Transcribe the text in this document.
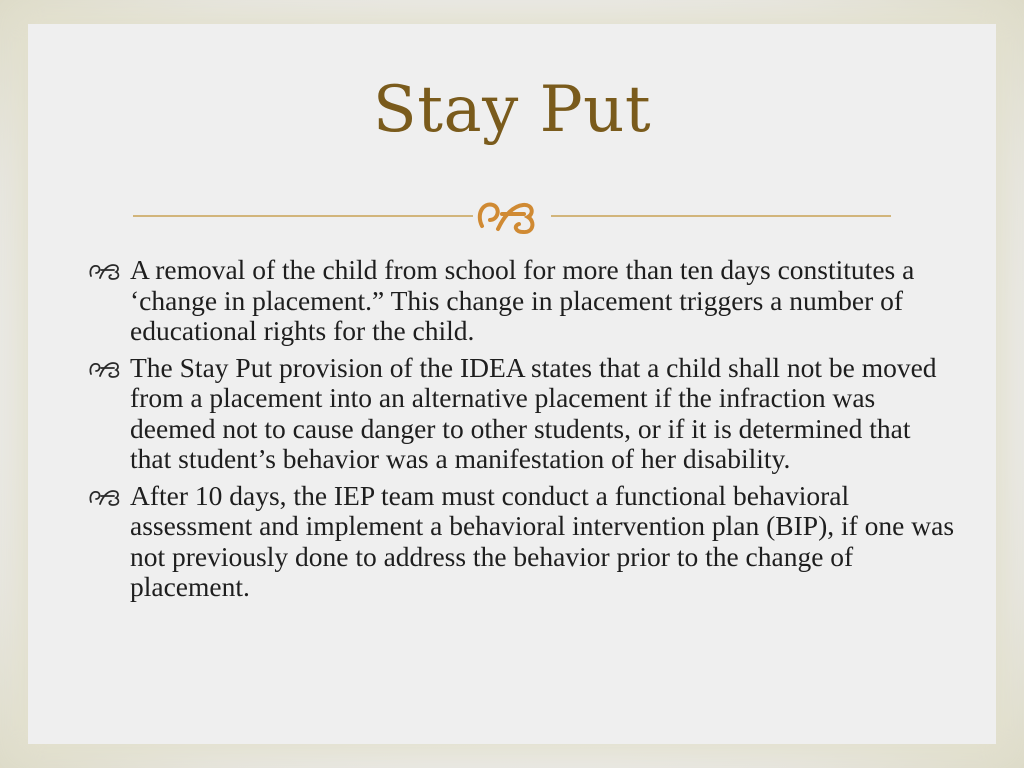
Stay Put
A removal of the child from school for more than ten days constitutes a ‘change in placement.” This change in placement triggers a number of educational rights for the child.
The Stay Put provision of the IDEA states that a child shall not be moved from a placement into an alternative placement if the infraction was deemed not to cause danger to other students, or if it is determined that that student’s behavior was a manifestation of her disability.
After 10 days, the IEP team must conduct a functional behavioral assessment and implement a behavioral intervention plan (BIP), if one was not previously done to address the behavior prior to the change of placement.
